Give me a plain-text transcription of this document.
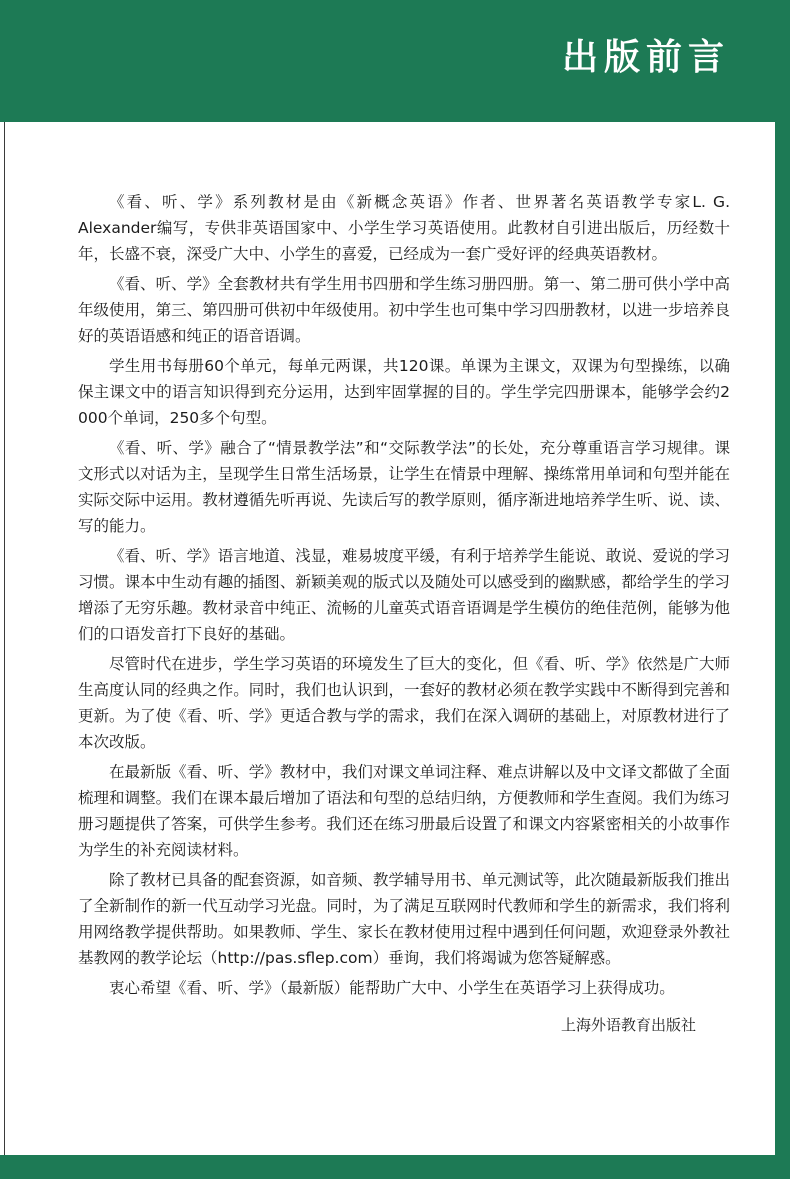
出版前言

《看、听、学》系列教材是由《新概念英语》作者、世界著名英语教学专家L. G. Alexander编写，专供非英语国家中、小学生学习英语使用。此教材自引进出版后，历经数十年，长盛不衰，深受广大中、小学生的喜爱，已经成为一套广受好评的经典英语教材。

《看、听、学》全套教材共有学生用书四册和学生练习册四册。第一、第二册可供小学中高年级使用，第三、第四册可供初中年级使用。初中学生也可集中学习四册教材，以进一步培养良好的英语语感和纯正的语音语调。

学生用书每册60个单元，每单元两课，共120课。单课为主课文，双课为句型操练，以确保主课文中的语言知识得到充分运用，达到牢固掌握的目的。学生学完四册课本，能够学会约2 000个单词，250多个句型。

《看、听、学》融合了“情景教学法”和“交际教学法”的长处，充分尊重语言学习规律。课文形式以对话为主，呈现学生日常生活场景，让学生在情景中理解、操练常用单词和句型并能在实际交际中运用。教材遵循先听再说、先读后写的教学原则，循序渐进地培养学生听、说、读、写的能力。

《看、听、学》语言地道、浅显，难易坡度平缓，有利于培养学生能说、敢说、爱说的学习习惯。课本中生动有趣的插图、新颖美观的版式以及随处可以感受到的幽默感，都给学生的学习增添了无穷乐趣。教材录音中纯正、流畅的儿童英式语音语调是学生模仿的绝佳范例，能够为他们的口语发音打下良好的基础。

尽管时代在进步，学生学习英语的环境发生了巨大的变化，但《看、听、学》依然是广大师生高度认同的经典之作。同时，我们也认识到，一套好的教材必须在教学实践中不断得到完善和更新。为了使《看、听、学》更适合教与学的需求，我们在深入调研的基础上，对原教材进行了本次改版。

在最新版《看、听、学》教材中，我们对课文单词注释、难点讲解以及中文译文都做了全面梳理和调整。我们在课本最后增加了语法和句型的总结归纳，方便教师和学生查阅。我们为练习册习题提供了答案，可供学生参考。我们还在练习册最后设置了和课文内容紧密相关的小故事作为学生的补充阅读材料。

除了教材已具备的配套资源，如音频、教学辅导用书、单元测试等，此次随最新版我们推出了全新制作的新一代互动学习光盘。同时，为了满足互联网时代教师和学生的新需求，我们将利用网络教学提供帮助。如果教师、学生、家长在教材使用过程中遇到任何问题，欢迎登录外教社基教网的教学论坛（http://pas.sflep.com）垂询，我们将竭诚为您答疑解惑。

衷心希望《看、听、学》（最新版）能帮助广大中、小学生在英语学习上获得成功。

上海外语教育出版社
